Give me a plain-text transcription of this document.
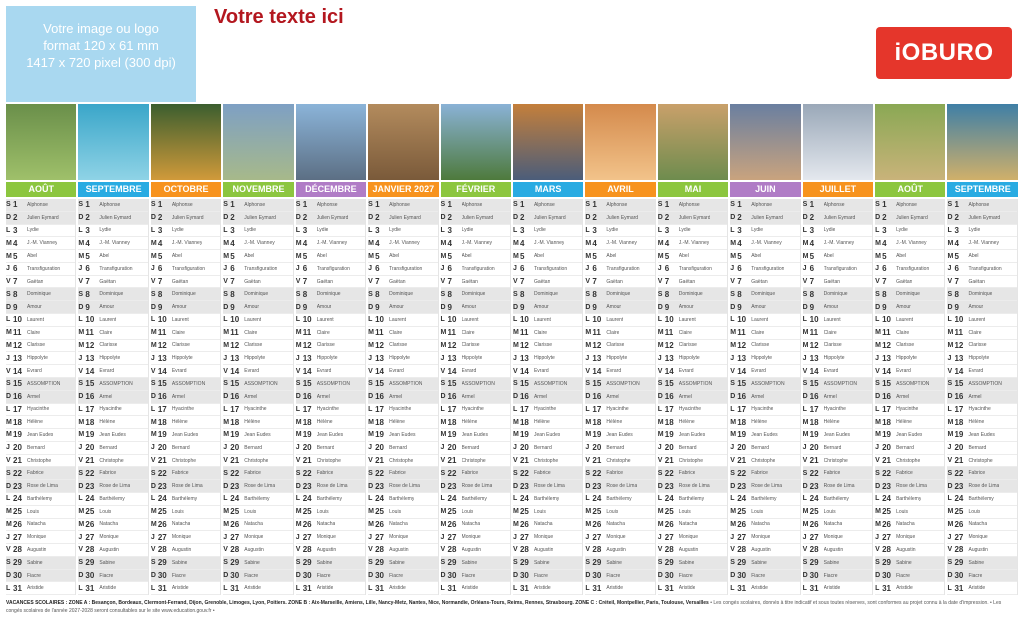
Votre image ou logo
format 120 x 61 mm
1417 x 720 pixel (300 dpi)
Votre texte ici
iOBURO
AOÛT	SEPTEMBRE	OCTOBRE	NOVEMBRE	DÉCEMBRE	JANVIER 2027	FÉVRIER	MARS	AVRIL	MAI	JUIN	JUILLET	AOÛT	SEPTEMBRE
S 1	Alphonse
D 2	Julien Eymard
L 3	Lydie
M 4	J.-M. Vianney
M 5	Abel
J 6	Transfiguration
V 7	Gaëtan
S 8	Dominique
D 9	Amour
L 10	Laurent
M 11	Claire
M 12	Clarisse
J 13	Hippolyte
V 14	Evrard
S 15	ASSOMPTION
D 16	Armel
L 17	Hyacinthe
M 18	Hélène
M 19	Jean Eudes
J 20	Bernard
V 21	Christophe
S 22	Fabrice
D 23	Rose de Lima
L 24	Barthélemy
M 25	Louis
M 26	Natacha
J 27	Monique
V 28	Augustin
S 29	Sabine
D 30	Fiacre
L 31	Aristide
S 1	Alphonse
D 2	Julien Eymard
L 3	Lydie
M 4	J.-M. Vianney
M 5	Abel
J 6	Transfiguration
V 7	Gaëtan
S 8	Dominique
D 9	Amour
L 10	Laurent
M 11	Claire
M 12	Clarisse
J 13	Hippolyte
V 14	Evrard
S 15	ASSOMPTION
D 16	Armel
L 17	Hyacinthe
M 18	Hélène
M 19	Jean Eudes
J 20	Bernard
V 21	Christophe
S 22	Fabrice
D 23	Rose de Lima
L 24	Barthélemy
M 25	Louis
M 26	Natacha
J 27	Monique
V 28	Augustin
S 29	Sabine
D 30	Fiacre
L 31	Aristide
S 1	Alphonse
D 2	Julien Eymard
L 3	Lydie
M 4	J.-M. Vianney
M 5	Abel
J 6	Transfiguration
V 7	Gaëtan
S 8	Dominique
D 9	Amour
L 10	Laurent
M 11	Claire
M 12	Clarisse
J 13	Hippolyte
V 14	Evrard
S 15	ASSOMPTION
D 16	Armel
L 17	Hyacinthe
M 18	Hélène
M 19	Jean Eudes
J 20	Bernard
V 21	Christophe
S 22	Fabrice
D 23	Rose de Lima
L 24	Barthélemy
M 25	Louis
M 26	Natacha
J 27	Monique
V 28	Augustin
S 29	Sabine
D 30	Fiacre
L 31	Aristide
S 1	Alphonse
D 2	Julien Eymard
L 3	Lydie
M 4	J.-M. Vianney
M 5	Abel
J 6	Transfiguration
V 7	Gaëtan
S 8	Dominique
D 9	Amour
L 10	Laurent
M 11	Claire
M 12	Clarisse
J 13	Hippolyte
V 14	Evrard
S 15	ASSOMPTION
D 16	Armel
L 17	Hyacinthe
M 18	Hélène
M 19	Jean Eudes
J 20	Bernard
V 21	Christophe
S 22	Fabrice
D 23	Rose de Lima
L 24	Barthélemy
M 25	Louis
M 26	Natacha
J 27	Monique
V 28	Augustin
S 29	Sabine
D 30	Fiacre
L 31	Aristide
S 1	Alphonse
D 2	Julien Eymard
L 3	Lydie
M 4	J.-M. Vianney
M 5	Abel
J 6	Transfiguration
V 7	Gaëtan
S 8	Dominique
D 9	Amour
L 10	Laurent
M 11	Claire
M 12	Clarisse
J 13	Hippolyte
V 14	Evrard
S 15	ASSOMPTION
D 16	Armel
L 17	Hyacinthe
M 18	Hélène
M 19	Jean Eudes
J 20	Bernard
V 21	Christophe
S 22	Fabrice
D 23	Rose de Lima
L 24	Barthélemy
M 25	Louis
M 26	Natacha
J 27	Monique
V 28	Augustin
S 29	Sabine
D 30	Fiacre
L 31	Aristide
S 1	Alphonse
D 2	Julien Eymard
L 3	Lydie
M 4	J.-M. Vianney
M 5	Abel
J 6	Transfiguration
V 7	Gaëtan
S 8	Dominique
D 9	Amour
L 10	Laurent
M 11	Claire
M 12	Clarisse
J 13	Hippolyte
V 14	Evrard
S 15	ASSOMPTION
D 16	Armel
L 17	Hyacinthe
M 18	Hélène
M 19	Jean Eudes
J 20	Bernard
V 21	Christophe
S 22	Fabrice
D 23	Rose de Lima
L 24	Barthélemy
M 25	Louis
M 26	Natacha
J 27	Monique
V 28	Augustin
S 29	Sabine
D 30	Fiacre
L 31	Aristide
S 1	Alphonse
D 2	Julien Eymard
L 3	Lydie
M 4	J.-M. Vianney
M 5	Abel
J 6	Transfiguration
V 7	Gaëtan
S 8	Dominique
D 9	Amour
L 10	Laurent
M 11	Claire
M 12	Clarisse
J 13	Hippolyte
V 14	Evrard
S 15	ASSOMPTION
D 16	Armel
L 17	Hyacinthe
M 18	Hélène
M 19	Jean Eudes
J 20	Bernard
V 21	Christophe
S 22	Fabrice
D 23	Rose de Lima
L 24	Barthélemy
M 25	Louis
M 26	Natacha
J 27	Monique
V 28	Augustin
S 29	Sabine
D 30	Fiacre
L 31	Aristide
S 1	Alphonse
D 2	Julien Eymard
L 3	Lydie
M 4	J.-M. Vianney
M 5	Abel
J 6	Transfiguration
V 7	Gaëtan
S 8	Dominique
D 9	Amour
L 10	Laurent
M 11	Claire
M 12	Clarisse
J 13	Hippolyte
V 14	Evrard
S 15	ASSOMPTION
D 16	Armel
L 17	Hyacinthe
M 18	Hélène
M 19	Jean Eudes
J 20	Bernard
V 21	Christophe
S 22	Fabrice
D 23	Rose de Lima
L 24	Barthélemy
M 25	Louis
M 26	Natacha
J 27	Monique
V 28	Augustin
S 29	Sabine
D 30	Fiacre
L 31	Aristide
S 1	Alphonse
D 2	Julien Eymard
L 3	Lydie
M 4	J.-M. Vianney
M 5	Abel
J 6	Transfiguration
V 7	Gaëtan
S 8	Dominique
D 9	Amour
L 10	Laurent
M 11	Claire
M 12	Clarisse
J 13	Hippolyte
V 14	Evrard
S 15	ASSOMPTION
D 16	Armel
L 17	Hyacinthe
M 18	Hélène
M 19	Jean Eudes
J 20	Bernard
V 21	Christophe
S 22	Fabrice
D 23	Rose de Lima
L 24	Barthélemy
M 25	Louis
M 26	Natacha
J 27	Monique
V 28	Augustin
S 29	Sabine
D 30	Fiacre
L 31	Aristide
S 1	Alphonse
D 2	Julien Eymard
L 3	Lydie
M 4	J.-M. Vianney
M 5	Abel
J 6	Transfiguration
V 7	Gaëtan
S 8	Dominique
D 9	Amour
L 10	Laurent
M 11	Claire
M 12	Clarisse
J 13	Hippolyte
V 14	Evrard
S 15	ASSOMPTION
D 16	Armel
L 17	Hyacinthe
M 18	Hélène
M 19	Jean Eudes
J 20	Bernard
V 21	Christophe
S 22	Fabrice
D 23	Rose de Lima
L 24	Barthélemy
M 25	Louis
M 26	Natacha
J 27	Monique
V 28	Augustin
S 29	Sabine
D 30	Fiacre
L 31	Aristide
S 1	Alphonse
D 2	Julien Eymard
L 3	Lydie
M 4	J.-M. Vianney
M 5	Abel
J 6	Transfiguration
V 7	Gaëtan
S 8	Dominique
D 9	Amour
L 10	Laurent
M 11	Claire
M 12	Clarisse
J 13	Hippolyte
V 14	Evrard
S 15	ASSOMPTION
D 16	Armel
L 17	Hyacinthe
M 18	Hélène
M 19	Jean Eudes
J 20	Bernard
V 21	Christophe
S 22	Fabrice
D 23	Rose de Lima
L 24	Barthélemy
M 25	Louis
M 26	Natacha
J 27	Monique
V 28	Augustin
S 29	Sabine
D 30	Fiacre
L 31	Aristide
S 1	Alphonse
D 2	Julien Eymard
L 3	Lydie
M 4	J.-M. Vianney
M 5	Abel
J 6	Transfiguration
V 7	Gaëtan
S 8	Dominique
D 9	Amour
L 10	Laurent
M 11	Claire
M 12	Clarisse
J 13	Hippolyte
V 14	Evrard
S 15	ASSOMPTION
D 16	Armel
L 17	Hyacinthe
M 18	Hélène
M 19	Jean Eudes
J 20	Bernard
V 21	Christophe
S 22	Fabrice
D 23	Rose de Lima
L 24	Barthélemy
M 25	Louis
M 26	Natacha
J 27	Monique
V 28	Augustin
S 29	Sabine
D 30	Fiacre
L 31	Aristide
S 1	Alphonse
D 2	Julien Eymard
L 3	Lydie
M 4	J.-M. Vianney
M 5	Abel
J 6	Transfiguration
V 7	Gaëtan
S 8	Dominique
D 9	Amour
L 10	Laurent
M 11	Claire
M 12	Clarisse
J 13	Hippolyte
V 14	Evrard
S 15	ASSOMPTION
D 16	Armel
L 17	Hyacinthe
M 18	Hélène
M 19	Jean Eudes
J 20	Bernard
V 21	Christophe
S 22	Fabrice
D 23	Rose de Lima
L 24	Barthélemy
M 25	Louis
M 26	Natacha
J 27	Monique
V 28	Augustin
S 29	Sabine
D 30	Fiacre
L 31	Aristide
S 1	Alphonse
D 2	Julien Eymard
L 3	Lydie
M 4	J.-M. Vianney
M 5	Abel
J 6	Transfiguration
V 7	Gaëtan
S 8	Dominique
D 9	Amour
L 10	Laurent
M 11	Claire
M 12	Clarisse
J 13	Hippolyte
V 14	Evrard
S 15	ASSOMPTION
D 16	Armel
L 17	Hyacinthe
M 18	Hélène
M 19	Jean Eudes
J 20	Bernard
V 21	Christophe
S 22	Fabrice
D 23	Rose de Lima
L 24	Barthélemy
M 25	Louis
M 26	Natacha
J 27	Monique
V 28	Augustin
S 29	Sabine
D 30	Fiacre
L 31	Aristide
VACANCES SCOLAIRES : ZONE A : Besançon, Bordeaux, Clermont-Ferrand, Dijon, Grenoble, Limoges, Lyon, Poitiers. ZONE B : Aix-Marseille, Amiens, Lille, Nancy-Metz, Nantes, Nice, Normandie, Orléans-Tours, Reims, Rennes, Strasbourg. ZONE C : Créteil, Montpellier, Paris, Toulouse, Versailles • Les congés scolaires, donnés à titre indicatif et sous toutes réserves, sont conformes au projet connu à la date d'impression. • Les congés scolaires de l'année 2027-2028 seront consultables sur le site www.education.gouv.fr •
